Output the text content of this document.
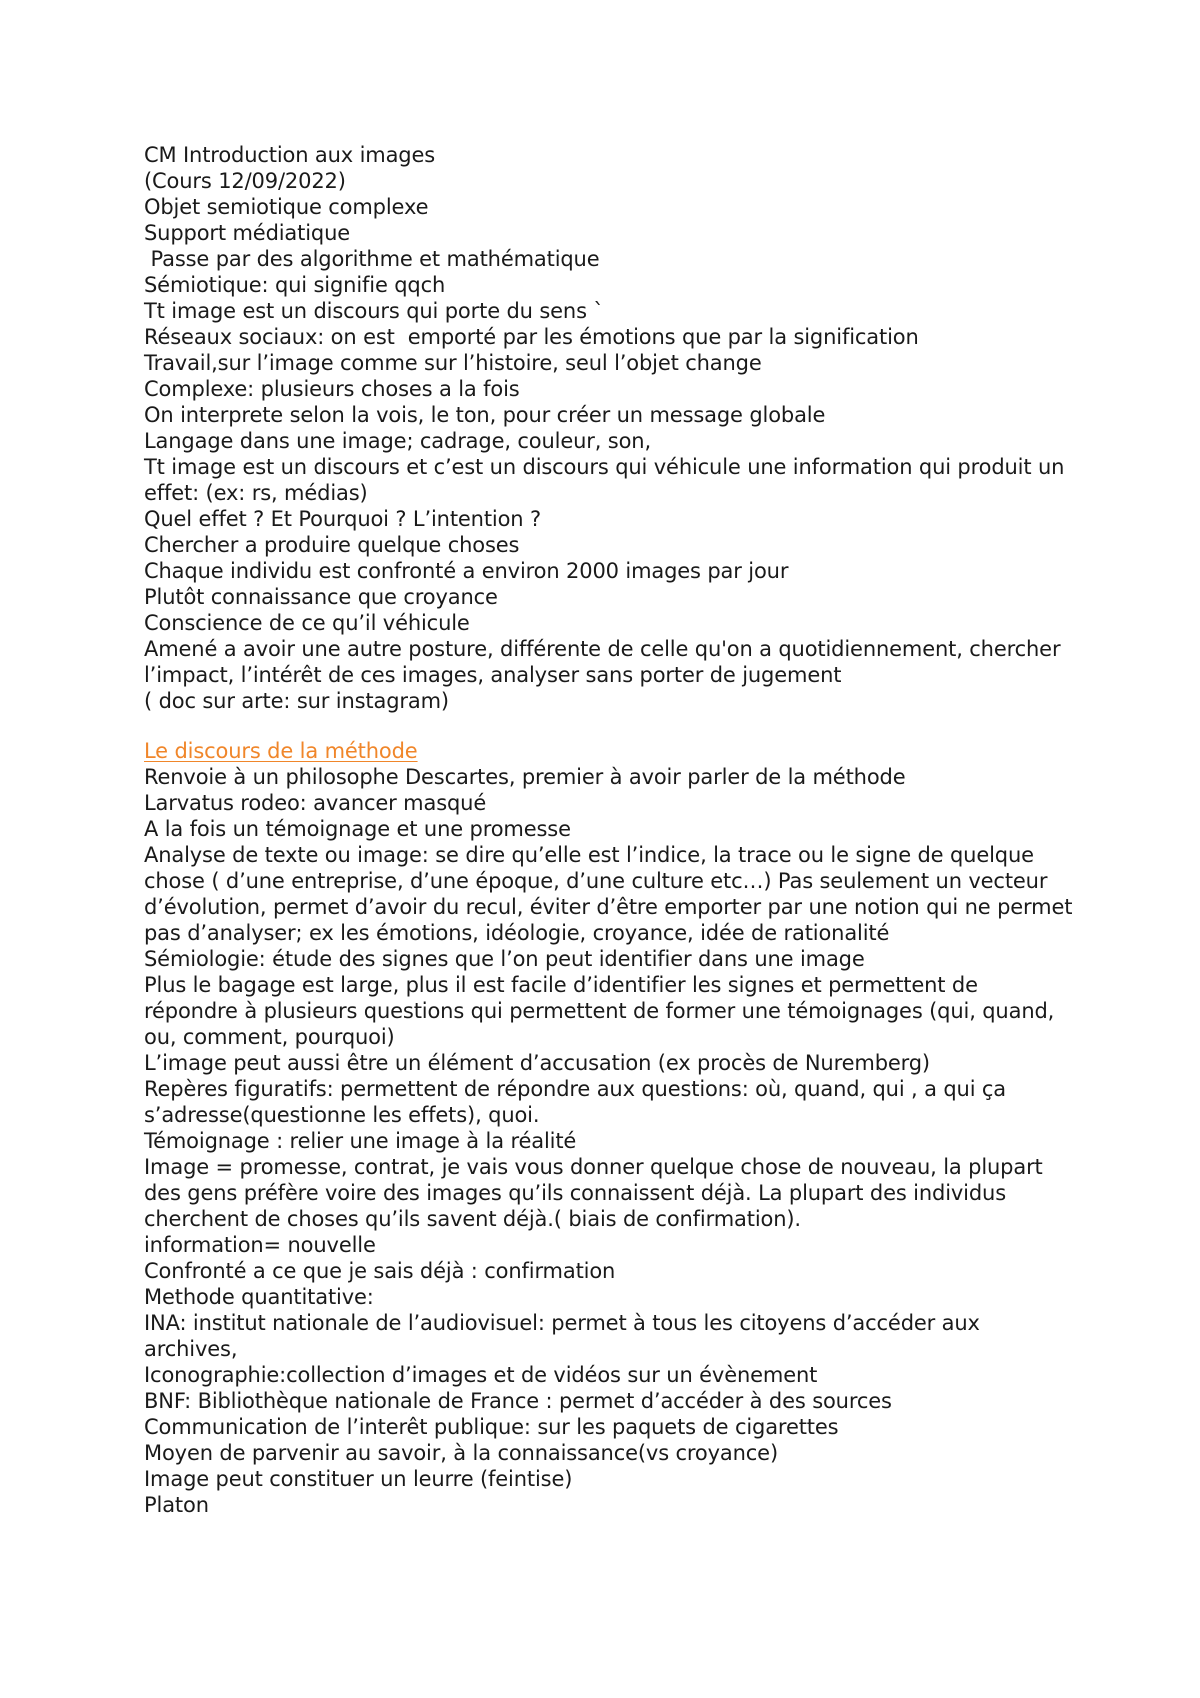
CM Introduction aux images

(Cours 12/09/2022)

Objet semiotique complexe

Support médiatique

Passe par des algorithme et mathématique

Sémiotique: qui signifie qqch

Tt image est un discours qui porte du sens `

Réseaux sociaux: on est  emporté par les émotions que par la signification

Travail,sur l’image comme sur l’histoire, seul l’objet change

Complexe: plusieurs choses a la fois

On interprete selon la vois, le ton, pour créer un message globale

Langage dans une image; cadrage, couleur, son,

Tt image est un discours et c’est un discours qui véhicule une information qui produit un effet: (ex: rs, médias)

Quel effet ? Et Pourquoi ? L’intention ?

Chercher a produire quelque choses

Chaque individu est confronté a environ 2000 images par jour

Plutôt connaissance que croyance

Conscience de ce qu’il véhicule

Amené a avoir une autre posture, différente de celle qu'on a quotidiennement, chercher l’impact, l’intérêt de ces images, analyser sans porter de jugement

( doc sur arte: sur instagram)

Le discours de la méthode

Renvoie à un philosophe Descartes, premier à avoir parler de la méthode

Larvatus rodeo: avancer masqué

A la fois un témoignage et une promesse

Analyse de texte ou image: se dire qu’elle est l’indice, la trace ou le signe de quelque chose ( d’une entreprise, d’une époque, d’une culture etc…) Pas seulement un vecteur d’évolution, permet d’avoir du recul, éviter d’être emporter par une notion qui ne permet pas d’analyser; ex les émotions, idéologie, croyance, idée de rationalité

Sémiologie: étude des signes que l’on peut identifier dans une image

Plus le bagage est large, plus il est facile d’identifier les signes et permettent de répondre à plusieurs questions qui permettent de former une témoignages (qui, quand, ou, comment, pourquoi)

L’image peut aussi être un élément d’accusation (ex procès de Nuremberg)

Repères figuratifs: permettent de répondre aux questions: où, quand, qui , a qui ça s’adresse(questionne les effets), quoi.

Témoignage : relier une image à la réalité

Image = promesse, contrat, je vais vous donner quelque chose de nouveau, la plupart des gens préfère voire des images qu’ils connaissent déjà. La plupart des individus cherchent de choses qu’ils savent déjà.( biais de confirmation).

information= nouvelle

Confronté a ce que je sais déjà : confirmation

Methode quantitative:

INA: institut nationale de l’audiovisuel: permet à tous les citoyens d’accéder aux archives,

Iconographie:collection d’images et de vidéos sur un évènement

BNF: Bibliothèque nationale de France : permet d’accéder à des sources

Communication de l’interêt publique: sur les paquets de cigarettes

Moyen de parvenir au savoir, à la connaissance(vs croyance)

Image peut constituer un leurre (feintise)

Platon
